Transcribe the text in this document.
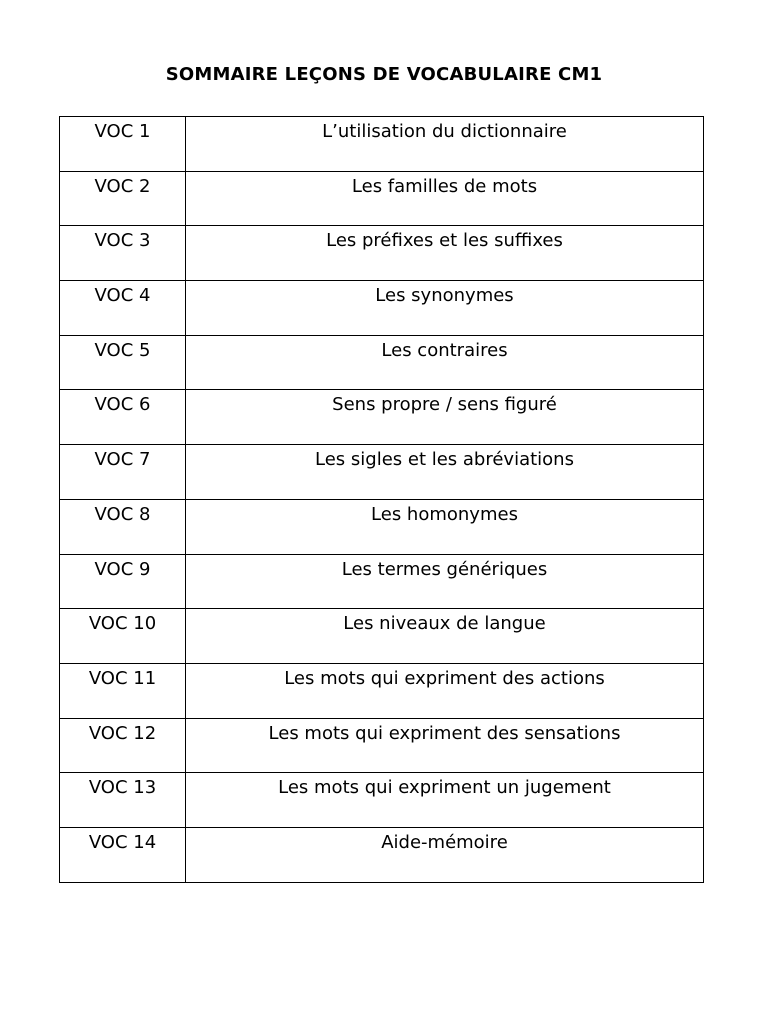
SOMMAIRE LEÇONS DE VOCABULAIRE CM1
VOC 1	L’utilisation du dictionnaire

VOC 2	Les familles de mots

VOC 3	Les préfixes et les suffixes

VOC 4	Les synonymes

VOC 5	Les contraires

VOC 6	Sens propre / sens figuré

VOC 7	Les sigles et les abréviations

VOC 8	Les homonymes

VOC 9	Les termes génériques

VOC 10	Les niveaux de langue

VOC 11	Les mots qui expriment des actions

VOC 12	Les mots qui expriment des sensations

VOC 13	Les mots qui expriment un jugement

VOC 14	Aide-mémoire
